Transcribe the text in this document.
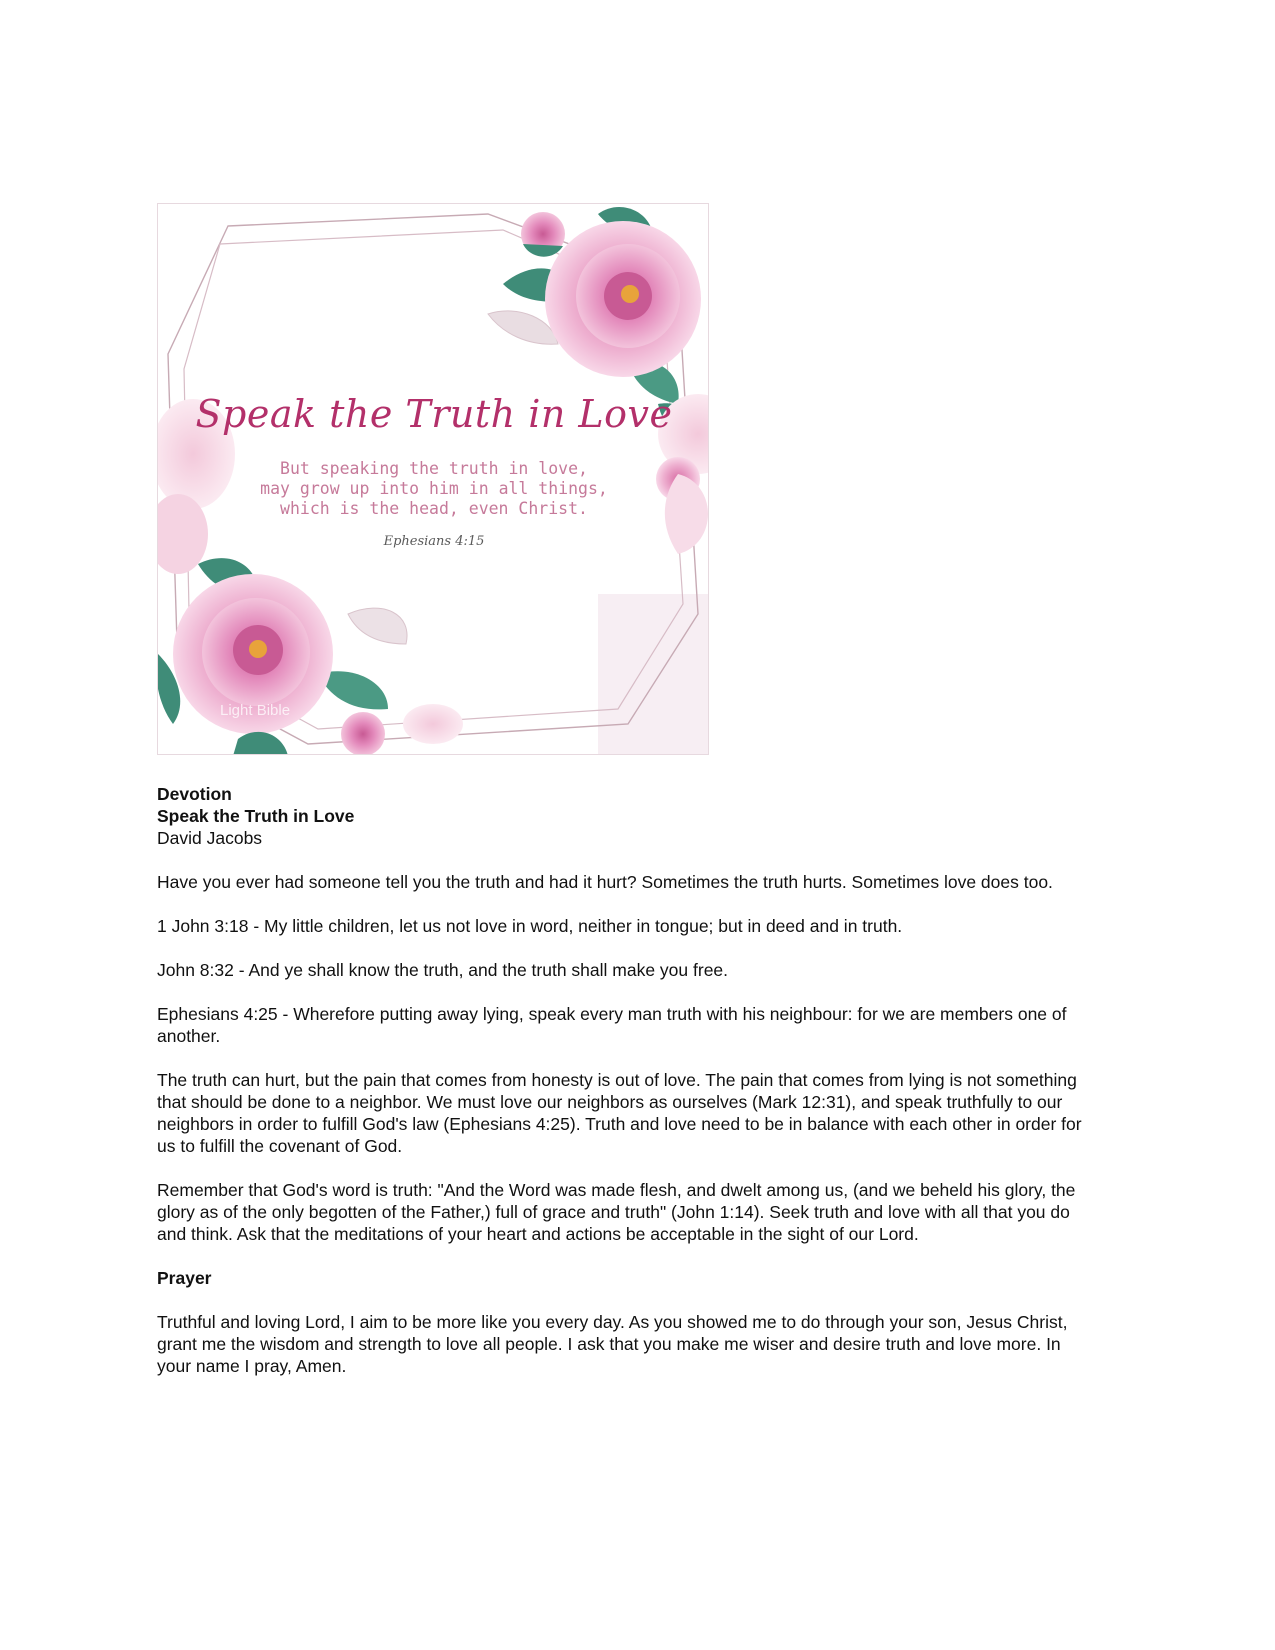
Speak the Truth in Love
But speaking the truth in love,
may grow up into him in all things,
which is the head, even Christ.
Ephesians 4:15
Light Bible

Devotion

Speak the Truth in Love

David Jacobs

Have you ever had someone tell you the truth and had it hurt? Sometimes the truth hurts. Sometimes love does too.

1 John 3:18 - My little children, let us not love in word, neither in tongue; but in deed and in truth.

John 8:32 - And ye shall know the truth, and the truth shall make you free.

Ephesians 4:25 - Wherefore putting away lying, speak every man truth with his neighbour: for we are members one of another.

The truth can hurt, but the pain that comes from honesty is out of love. The pain that comes from lying is not something that should be done to a neighbor. We must love our neighbors as ourselves (Mark 12:31), and speak truthfully to our neighbors in order to fulfill God's law (Ephesians 4:25). Truth and love need to be in balance with each other in order for us to fulfill the covenant of God.

Remember that God's word is truth: "And the Word was made flesh, and dwelt among us, (and we beheld his glory, the glory as of the only begotten of the Father,) full of grace and truth" (John 1:14). Seek truth and love with all that you do and think. Ask that the meditations of your heart and actions be acceptable in the sight of our Lord.

Prayer

Truthful and loving Lord, I aim to be more like you every day. As you showed me to do through your son, Jesus Christ, grant me the wisdom and strength to love all people. I ask that you make me wiser and desire truth and love more. In your name I pray, Amen.
